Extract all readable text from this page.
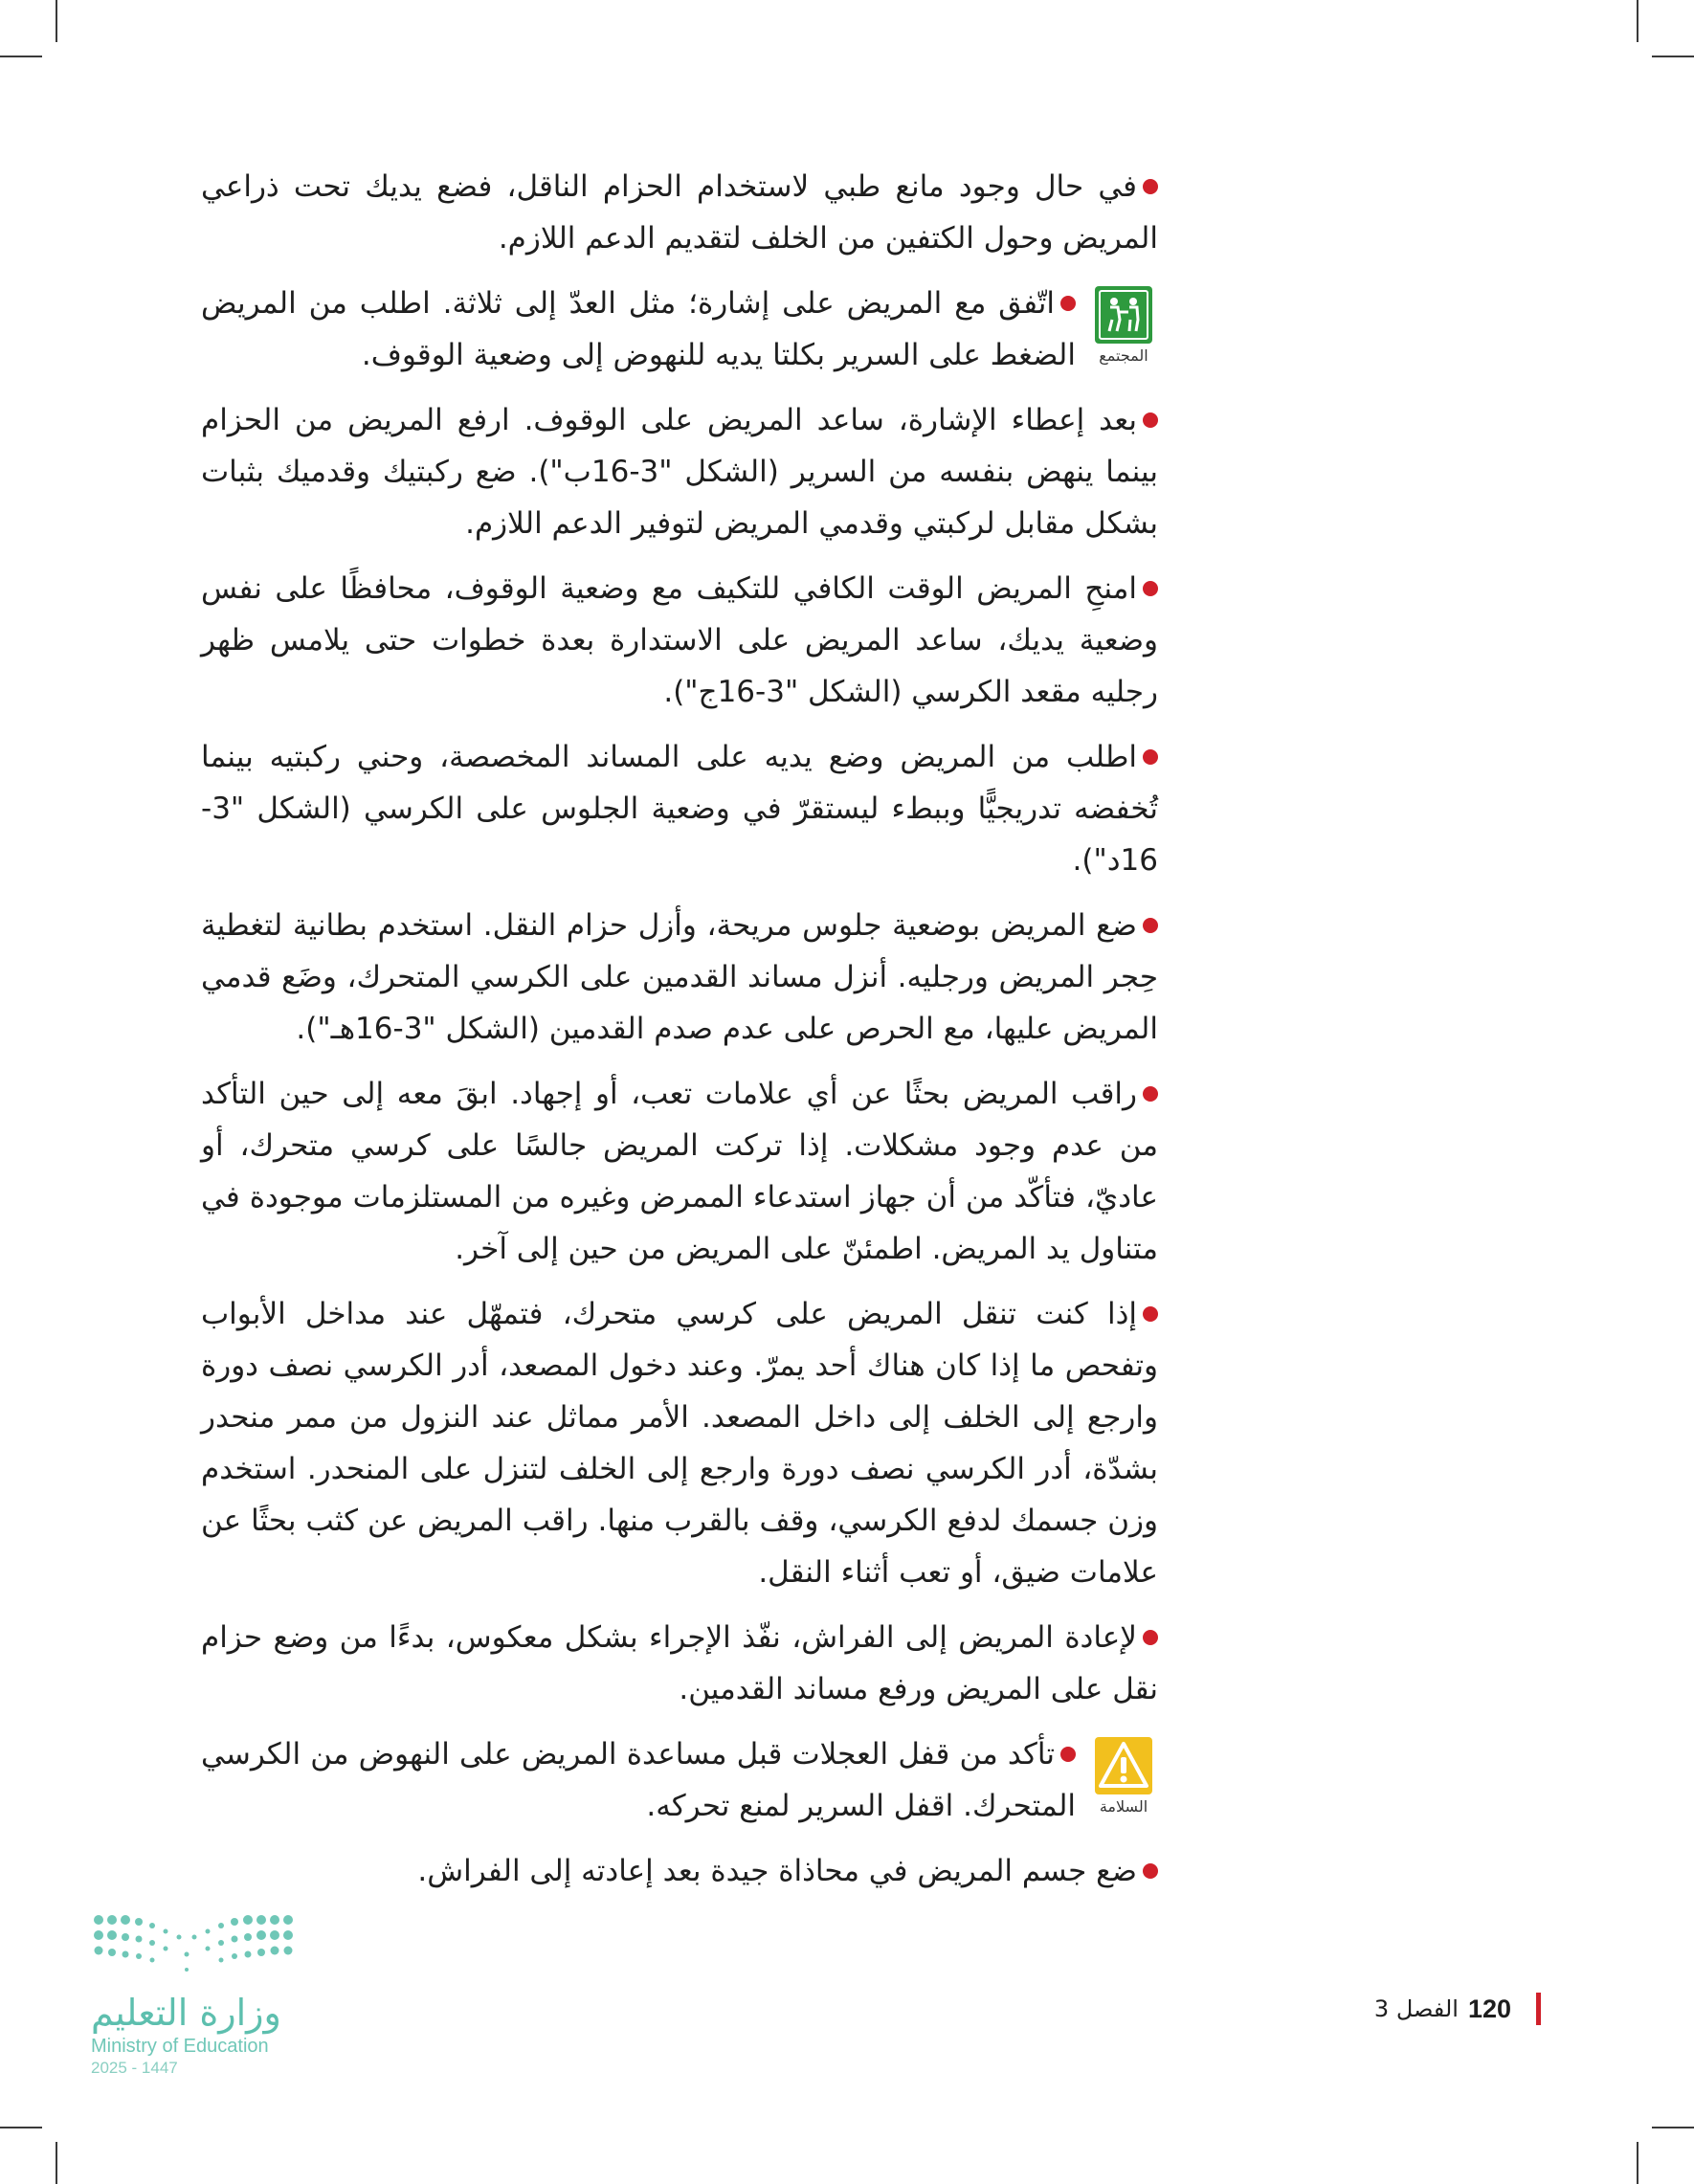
في حال وجود مانع طبي لاستخدام الحزام الناقل، فضع يديك تحت ذراعي المريض وحول الكتفين من الخلف لتقديم الدعم اللازم.
المجتمع
اتّفق مع المريض على إشارة؛ مثل العدّ إلى ثلاثة. اطلب من المريض الضغط على السرير بكلتا يديه للنهوض إلى وضعية الوقوف.
بعد إعطاء الإشارة، ساعد المريض على الوقوف. ارفع المريض من الحزام بينما ينهض بنفسه من السرير (الشكل "3-16ب"). ضع ركبتيك وقدميك بثبات بشكل مقابل لركبتي وقدمي المريض لتوفير الدعم اللازم.
امنحِ المريض الوقت الكافي للتكيف مع وضعية الوقوف، محافظًا على نفس وضعية يديك، ساعد المريض على الاستدارة بعدة خطوات حتى يلامس ظهر رجليه مقعد الكرسي (الشكل "3-16ج").
اطلب من المريض وضع يديه على المساند المخصصة، وحني ركبتيه بينما تُخفضه تدريجيًّا وببطء ليستقرّ في وضعية الجلوس على الكرسي (الشكل "3-16د").
ضع المريض بوضعية جلوس مريحة، وأزل حزام النقل. استخدم بطانية لتغطية حِجر المريض ورجليه. أنزل مساند القدمين على الكرسي المتحرك، وضَع قدمي المريض عليها، مع الحرص على عدم صدم القدمين (الشكل "3-16هـ").
راقب المريض بحثًا عن أي علامات تعب، أو إجهاد. ابقَ معه إلى حين التأكد من عدم وجود مشكلات. إذا تركت المريض جالسًا على كرسي متحرك، أو عاديّ، فتأكّد من أن جهاز استدعاء الممرض وغيره من المستلزمات موجودة في متناول يد المريض. اطمئنّ على المريض من حين إلى آخر.
إذا كنت تنقل المريض على كرسي متحرك، فتمهّل عند مداخل الأبواب وتفحص ما إذا كان هناك أحد يمرّ. وعند دخول المصعد، أدر الكرسي نصف دورة وارجع إلى الخلف إلى داخل المصعد. الأمر مماثل عند النزول من ممر منحدر بشدّة، أدر الكرسي نصف دورة وارجع إلى الخلف لتنزل على المنحدر. استخدم وزن جسمك لدفع الكرسي، وقف بالقرب منها. راقب المريض عن كثب بحثًا عن علامات ضيق، أو تعب أثناء النقل.
لإعادة المريض إلى الفراش، نفّذ الإجراء بشكل معكوس، بدءًا من وضع حزام نقل على المريض ورفع مساند القدمين.
السلامة
تأكد من قفل العجلات قبل مساعدة المريض على النهوض من الكرسي المتحرك. اقفل السرير لمنع تحركه.
ضع جسم المريض في محاذاة جيدة بعد إعادته إلى الفراش.
وزارة التعليم
Ministry of Education
2025 - 1447
120
الفصل 3
